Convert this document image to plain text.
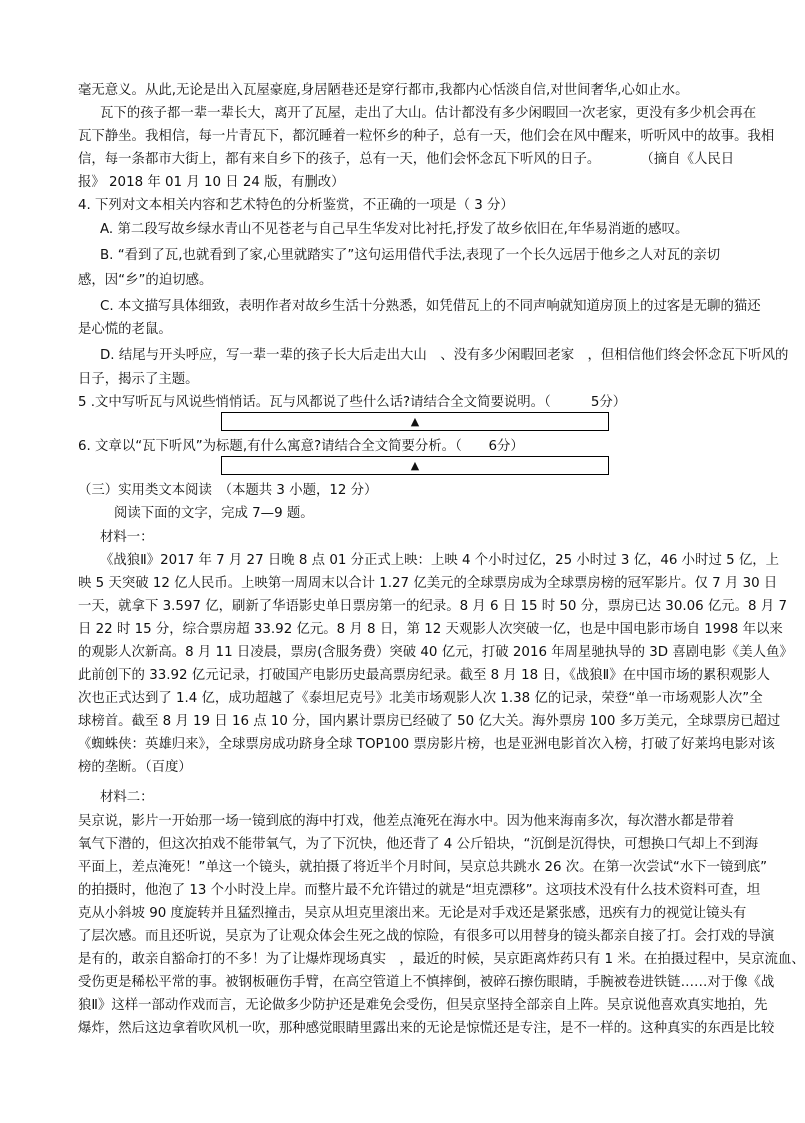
毫无意义。从此,无论是出入瓦屋豪庭,身居陋巷还是穿行都市,我都内心恬淡自信,对世间奢华,心如止水。
瓦下的孩子都一辈一辈长大，离开了瓦屋，走出了大山。估计都没有多少闲暇回一次老家，更没有多少机会再在
瓦下静坐。我相信，每一片青瓦下，都沉睡着一粒怀乡的种子，总有一天，他们会在风中醒来，听听风中的故事。我相
信，每一条都市大街上，都有来自乡下的孩子，总有一天，他们会怀念瓦下听风的日子。　　　　（摘自《人民日
报》 2018 年 01 月 10 日 24 版，有删改）
4. 下列对文本相关内容和艺术特色的分析鉴赏，不正确的一项是（ 3 分）
A. 第二段写故乡绿水青山不见苍老与自己早生华发对比衬托,抒发了故乡依旧在,年华易消逝的感叹。
B. “看到了瓦,也就看到了家,心里就踏实了”这句运用借代手法,表现了一个长久远居于他乡之人对瓦的亲切
感，因“乡”的迫切感。
C. 本文描写具体细致，表明作者对故乡生活十分熟悉，如凭借瓦上的不同声响就知道房顶上的过客是无聊的猫还
是心慌的老鼠。
D. 结尾与开头呼应，写一辈一辈的孩子长大后走出大山　、没有多少闲暇回老家　，但相信他们终会怀念瓦下听风的
日子，揭示了主题。
5 .文中写听瓦与风说些悄悄话。瓦与风都说了些什么话?请结合全文简要说明。（　　　5分）
6. 文章以“瓦下听风”为标题,有什么寓意?请结合全文简要分析。（　　6分）
（三）实用类文本阅读　（本题共 3 小题，12 分）
阅读下面的文字，完成 7—9 题。
材料一：
《战狼Ⅱ》2017 年 7 月 27 日晚 8 点 01 分正式上映：上映 4 个小时过亿，25 小时过 3 亿，46 小时过 5 亿，上
映 5 天突破 12 亿人民币。上映第一周周末以合计 1.27 亿美元的全球票房成为全球票房榜的冠军影片。仅 7 月 30 日
一天，就拿下 3.597 亿，刷新了华语影史单日票房第一的纪录。8 月 6 日 15 时 50 分，票房已达 30.06 亿元。8 月 7
日 22 时 15 分，综合票房超 33.92 亿元。8 月 8 日，第 12 天观影人次突破一亿，也是中国电影市场自 1998 年以来
的观影人次新高。8 月 11 日凌晨，票房(含服务费）突破 40 亿元，打破 2016 年周星驰执导的 3D 喜剧电影《美人鱼》
此前创下的 33.92 亿元记录，打破国产电影历史最高票房纪录。截至 8 月 18 日，《战狼Ⅱ》在中国市场的累积观影人
次也正式达到了 1.4 亿，成功超越了《泰坦尼克号》北美市场观影人次 1.38 亿的记录，荣登“单一市场观影人次”全
球榜首。截至 8 月 19 日 16 点 10 分，国内累计票房已经破了 50 亿大关。海外票房 100 多万美元，全球票房已超过
《蜘蛛侠：英雄归来》，全球票房成功跻身全球 TOP100 票房影片榜，也是亚洲电影首次入榜，打破了好莱坞电影对该
榜的垄断。（百度）
材料二：
吴京说，影片一开始那一场一镜到底的海中打戏，他差点淹死在海水中。因为他来海南多次，每次潜水都是带着
氧气下潜的，但这次拍戏不能带氧气，为了下沉快，他还背了 4 公斤铅块，“沉倒是沉得快，可想换口气却上不到海
平面上，差点淹死！”单这一个镜头，就拍摄了将近半个月时间，吴京总共跳水 26 次。在第一次尝试“水下一镜到底”
的拍摄时，他泡了 13 个小时没上岸。而整片最不允许错过的就是“坦克漂移”。这项技术没有什么技术资料可查，坦
克从小斜坡 90 度旋转并且猛烈撞击，吴京从坦克里滚出来。无论是对手戏还是紧张感，迅疾有力的视觉让镜头有
了层次感。而且还听说，吴京为了让观众体会生死之战的惊险，有很多可以用替身的镜头都亲自接了打。会打戏的导演
是有的，敢亲自豁命打的不多！为了让爆炸现场真实　，最近的时候，吴京距离炸药只有 1 米。在拍摄过程中，吴京流血、
受伤更是稀松平常的事。被钢板砸伤手臂，在高空管道上不慎摔倒，被碎石擦伤眼睛，手腕被卷进铁链……对于像《战
狼Ⅱ》这样一部动作戏而言，无论做多少防护还是难免会受伤，但吴京坚持全部亲自上阵。吴京说他喜欢真实地拍，先
爆炸，然后这边拿着吹风机一吹，那种感觉眼睛里露出来的无论是惊慌还是专注，是不一样的。这种真实的东西是比较
▲
▲
